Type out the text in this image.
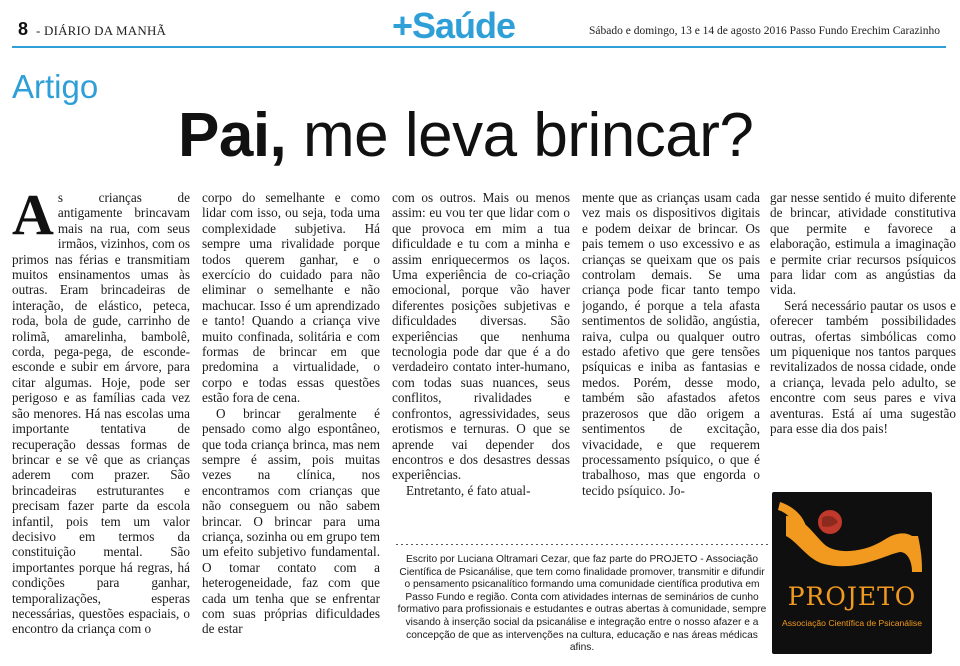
8 - DIÁRIO DA MANHÃ	+Saúde	Sábado e domingo, 13 e 14 de agosto 2016 Passo Fundo Erechim Carazinho
Artigo
Pai, me leva brincar?

As crianças de antigamente brincavam mais na rua, com seus irmãos, vizinhos, com os primos nas férias e transmitiam muitos ensinamentos umas às outras. Eram brincadeiras de interação, de elástico, peteca, roda, bola de gude, carrinho de rolimã, amarelinha, bambolê, corda, pega-pega, de esconde-esconde e subir em árvore, para citar algumas. Hoje, pode ser perigoso e as famílias cada vez são menores. Há nas escolas uma importante tentativa de recuperação dessas formas de brincar e se vê que as crianças aderem com prazer. São brincadeiras estruturantes e precisam fazer parte da escola infantil, pois tem um valor decisivo em termos da constituição mental. São importantes porque há regras, há condições para ganhar, temporalizações, esperas necessárias, questões espaciais, o encontro da criança com o

corpo do semelhante e como lidar com isso, ou seja, toda uma complexidade subjetiva. Há sempre uma rivalidade porque todos querem ganhar, e o exercício do cuidado para não eliminar o semelhante e não machucar. Isso é um aprendizado e tanto! Quando a criança vive muito confinada, solitária e com formas de brincar em que predomina a virtualidade, o corpo e todas essas questões estão fora de cena.

O brincar geralmente é pensado como algo espontâneo, que toda criança brinca, mas nem sempre é assim, pois muitas vezes na clínica, nos encontramos com crianças que não conseguem ou não sabem brincar. O brincar para uma criança, sozinha ou em grupo tem um efeito subjetivo fundamental. O tomar contato com a heterogeneidade, faz com que cada um tenha que se enfrentar com suas próprias dificuldades de estar

com os outros. Mais ou menos assim: eu vou ter que lidar com o que provoca em mim a tua dificuldade e tu com a minha e assim enriquecermos os laços. Uma experiência de co-criação emocional, porque vão haver diferentes posições subjetivas e dificuldades diversas. São experiências que nenhuma tecnologia pode dar que é a do verdadeiro contato inter-humano, com todas suas nuances, seus conflitos, rivalidades e confrontos, agressividades, seus erotismos e ternuras. O que se aprende vai depender dos encontros e dos desastres dessas experiências.

Entretanto, é fato atual-

mente que as crianças usam cada vez mais os dispositivos digitais e podem deixar de brincar. Os pais temem o uso excessivo e as crianças se queixam que os pais controlam demais. Se uma criança pode ficar tanto tempo jogando, é porque a tela afasta sentimentos de solidão, angústia, raiva, culpa ou qualquer outro estado afetivo que gere tensões psíquicas e iniba as fantasias e medos. Porém, desse modo, também são afastados afetos prazerosos que dão origem a sentimentos de excitação, vivacidade, e que requerem processamento psíquico, o que é trabalhoso, mas que engorda o tecido psíquico. Jo-

gar nesse sentido é muito diferente de brincar, atividade constitutiva que permite e favorece a elaboração, estimula a imaginação e permite criar recursos psíquicos para lidar com as angústias da vida.

Será necessário pautar os usos e oferecer também possibilidades outras, ofertas simbólicas como um piquenique nos tantos parques revitalizados de nossa cidade, onde a criança, levada pelo adulto, se encontre com seus pares e viva aventuras. Está aí uma sugestão para esse dia dos pais!

Escrito por Luciana Oltramari Cezar, que faz parte do PROJETO - Associação Científica de Psicanálise, que tem como finalidade promover, transmitir e difundir o pensamento psicanalítico formando uma comunidade científica produtiva em Passo Fundo e região. Conta com atividades internas de seminários de cunho formativo para profissionais e estudantes e outras abertas à comunidade, sempre visando à inserção social da psicanálise e integração entre o nosso afazer e a concepção de que as intervenções na cultura, educação e nas áreas médicas afins.
PROJETO
Associação Científica de Psicanálise
